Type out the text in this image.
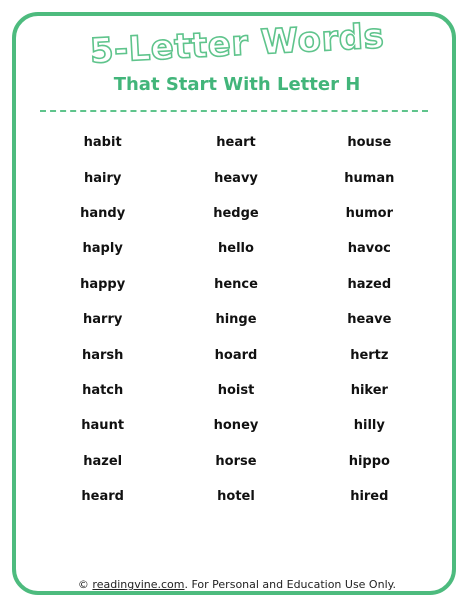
5-Letter Words
That Start With Letter H
habit	heart	house
hairy	heavy	human
handy	hedge	humor
haply	hello	havoc
happy	hence	hazed
harry	hinge	heave
harsh	hoard	hertz
hatch	hoist	hiker
haunt	honey	hilly
hazel	horse	hippo
heard	hotel	hired
© readingvine.com. For Personal and Education Use Only.
